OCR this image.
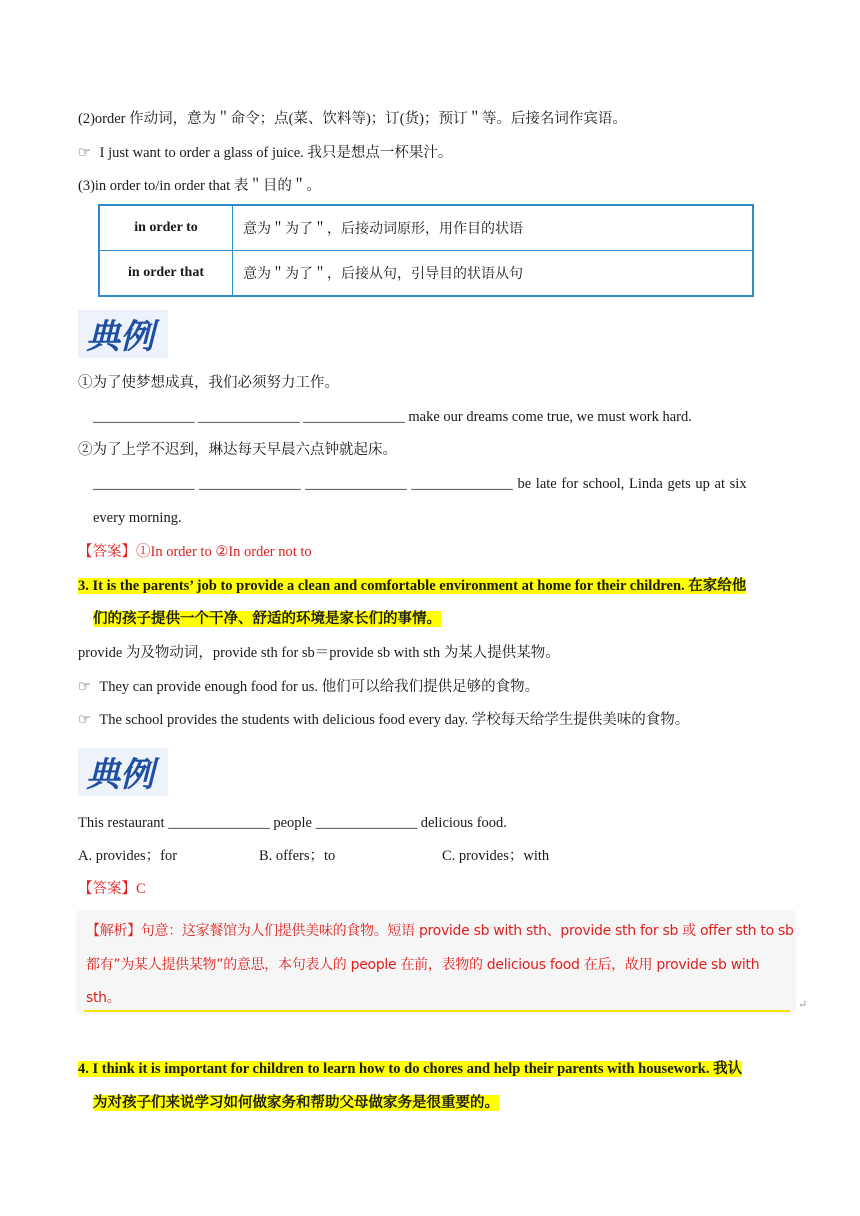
(2)order 作动词，意为＂命令；点(菜、饮料等)；订(货)；预订＂等。后接名词作宾语。
☞ I just want to order a glass of juice. 我只是想点一杯果汁。
(3)in order to/in order that 表＂目的＂。
in order to	意为＂为了＂，后接动词原形，用作目的状语
in order that	意为＂为了＂，后接从句，引导目的状语从句
典例
①为了使梦想成真，我们必须努力工作。
______________ ______________ ______________ make our dreams come true, we must work hard.
②为了上学不迟到，琳达每天早晨六点钟就起床。
______________ ______________ ______________ ______________ be late for school, Linda gets up at six
every morning.
【答案】①In order to ②In order not to
3. It is the parents’ job to provide a clean and comfortable environment at home for their children. 在家给他
们的孩子提供一个干净、舒适的环境是家长们的事情。
provide 为及物动词，provide sth for sb＝provide sb with sth 为某人提供某物。
☞ They can provide enough food for us. 他们可以给我们提供足够的食物。
☞ The school provides the students with delicious food every day. 学校每天给学生提供美味的食物。
典例
This restaurant ______________ people ______________ delicious food.
A. provides；for	B. offers；to	C. provides；with
【答案】C

【解析】句意：这家餐馆为人们提供美味的食物。短语 provide sb with sth、provide sth for sb 或 offer sth to sb

都有”为某人提供某物”的意思，本句表人的 people 在前，表物的 delicious food 在后，故用 provide sb with

sth。	↵
4. I think it is important for children to learn how to do chores and help their parents with housework. 我认
为对孩子们来说学习如何做家务和帮助父母做家务是很重要的。
